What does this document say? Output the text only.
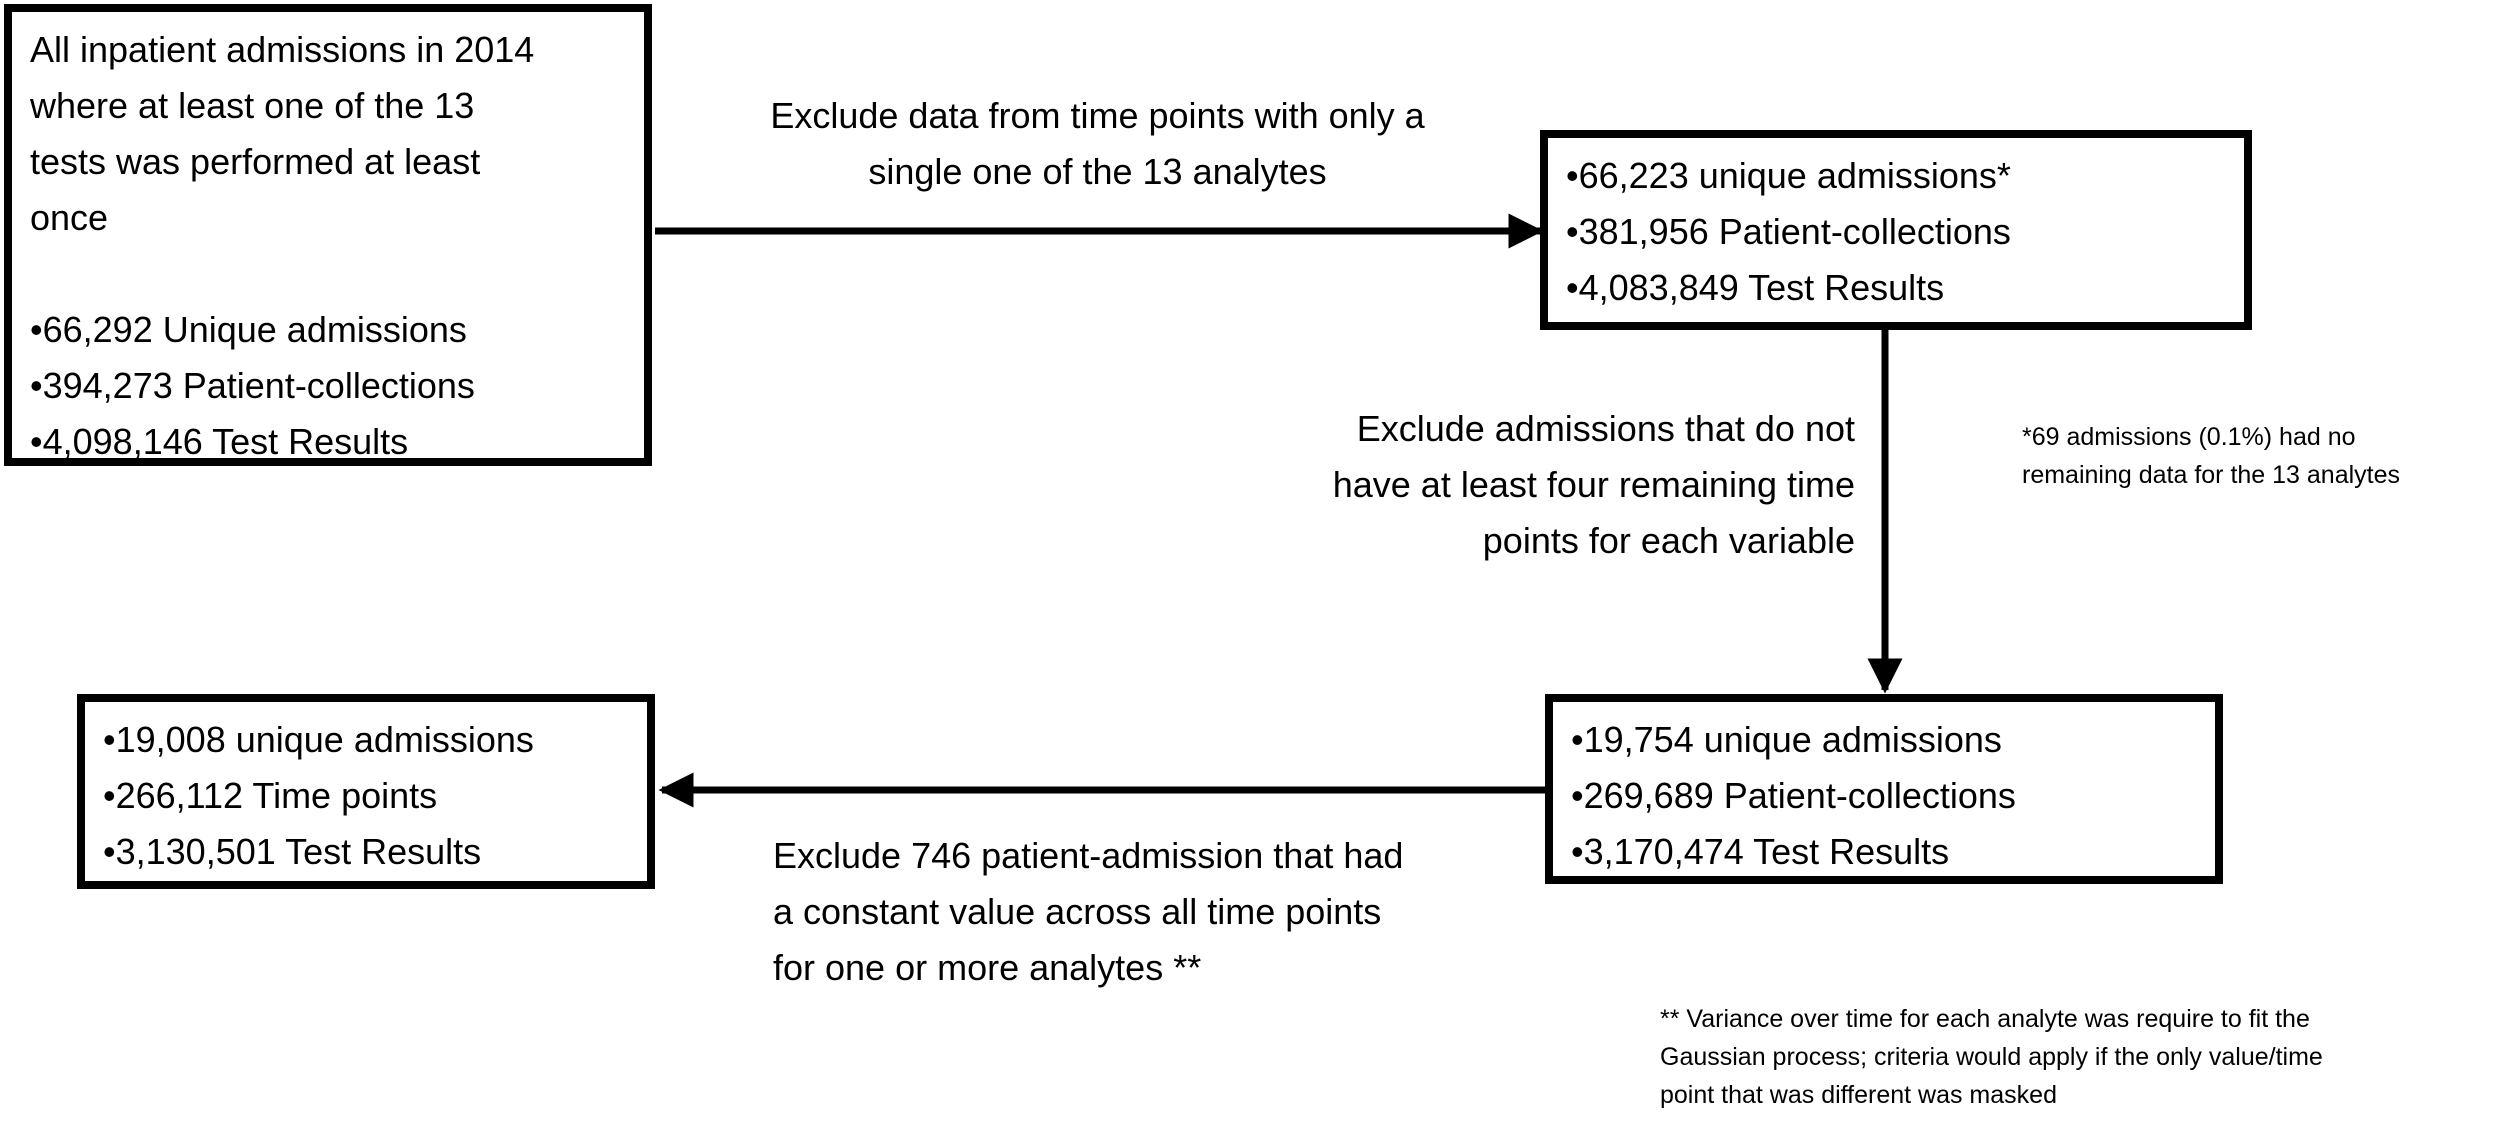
All inpatient admissions in 2014
where at least one of the 13
tests was performed at least
once
•66,292 Unique admissions
•394,273 Patient-collections
•4,098,146 Test Results
Exclude data from time points with only a
single one of the 13 analytes	•66,223 unique admissions*
•381,956 Patient-collections
•4,083,849 Test Results
Exclude admissions that do not
have at least four remaining time
points for each variable
*69 admissions (0.1%) had no
remaining data for the 13 analytes
•19,754 unique admissions
•269,689 Patient-collections
•3,170,474 Test Results
•19,008 unique admissions
•266,112 Time points
•3,130,501 Test Results	Exclude 746 patient-admission that had
a constant value across all time points
for one or more analytes **
** Variance over time for each analyte was require to fit the
Gaussian process; criteria would apply if the only value/time
point that was different was masked
